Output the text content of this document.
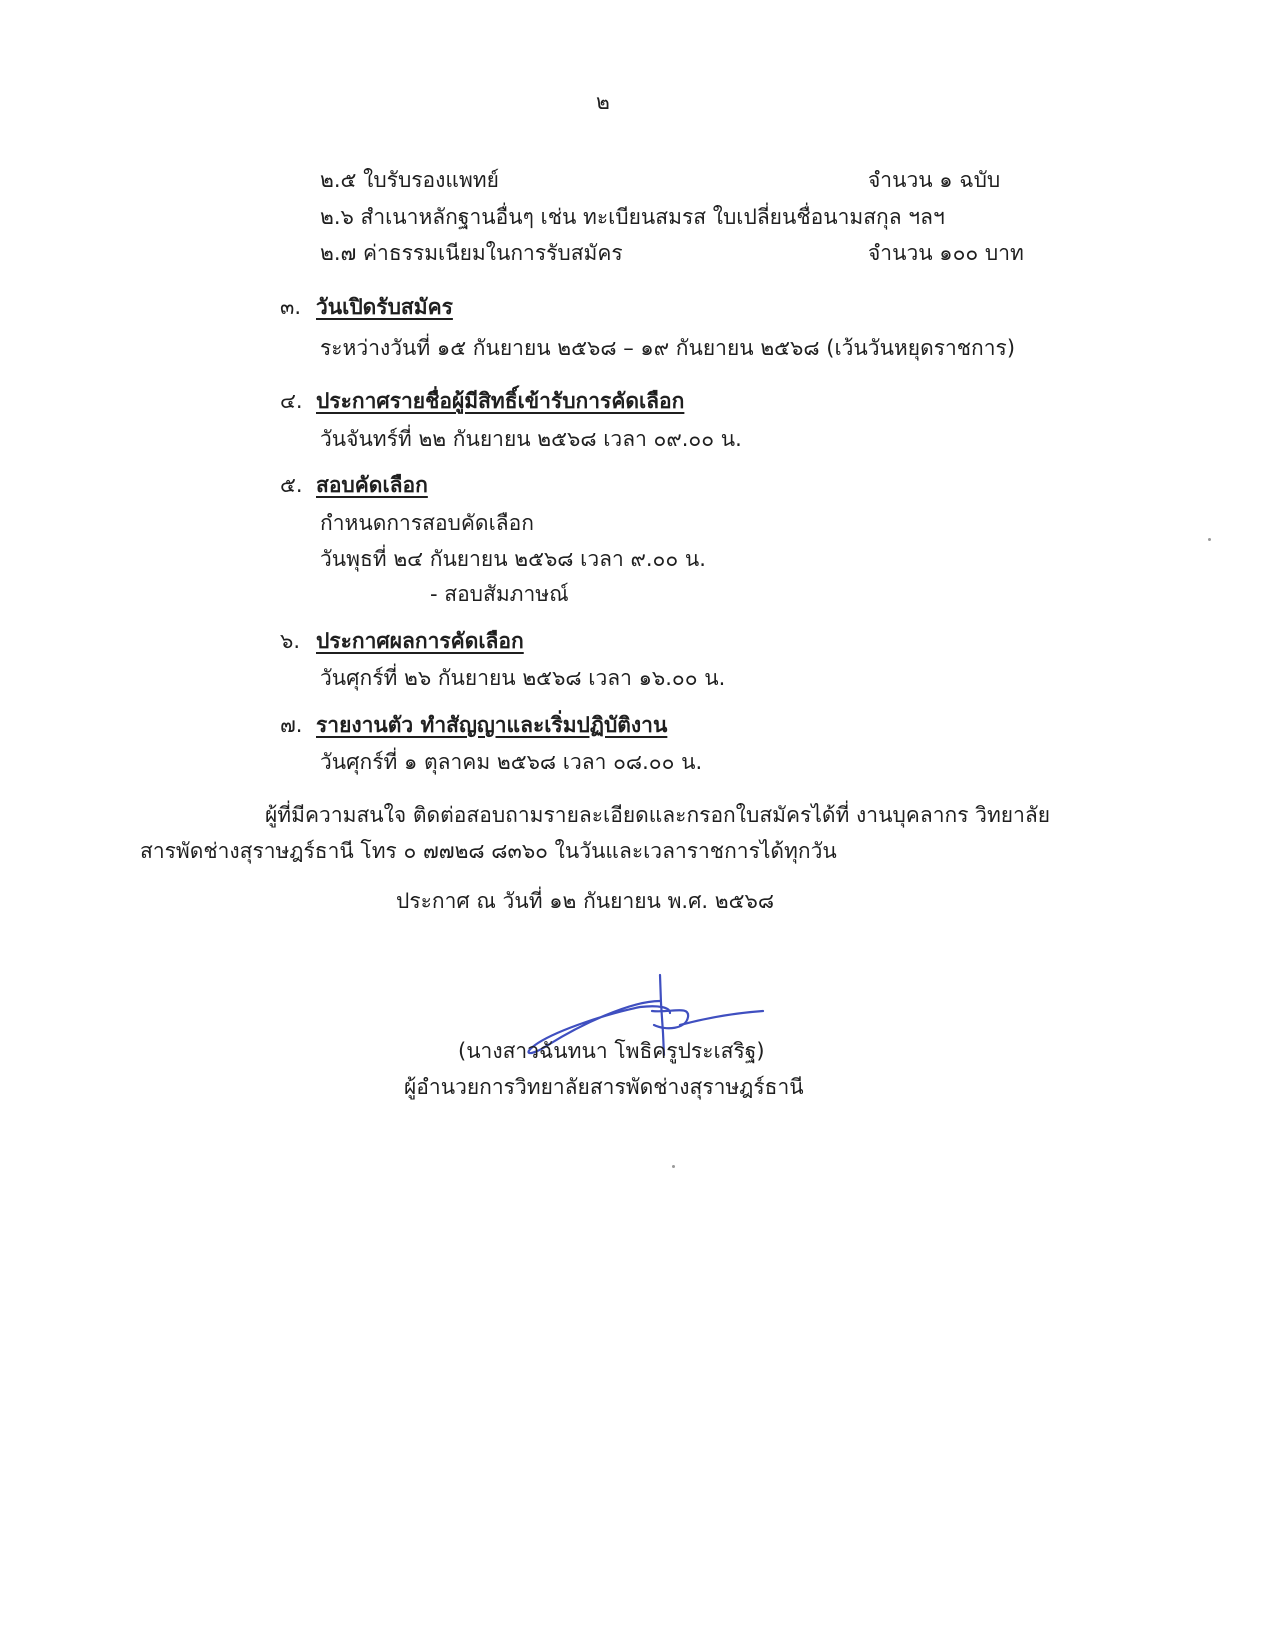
๒
๒.๕ ใบรับรองแพทย์	จำนวน ๑ ฉบับ
๒.๖ สำเนาหลักฐานอื่นๆ เช่น ทะเบียนสมรส ใบเปลี่ยนชื่อนามสกุล ฯลฯ
๒.๗ ค่าธรรมเนียมในการรับสมัคร	จำนวน ๑๐๐ บาท
๓. วันเปิดรับสมัคร
ระหว่างวันที่ ๑๕ กันยายน ๒๕๖๘ – ๑๙ กันยายน ๒๕๖๘ (เว้นวันหยุดราชการ)
๔. ประกาศรายชื่อผู้มีสิทธิ์เข้ารับการคัดเลือก
วันจันทร์ที่ ๒๒ กันยายน ๒๕๖๘ เวลา ๐๙.๐๐ น.
๕. สอบคัดเลือก
กำหนดการสอบคัดเลือก
วันพุธที่ ๒๔ กันยายน ๒๕๖๘ เวลา ๙.๐๐ น.
- สอบสัมภาษณ์
๖. ประกาศผลการคัดเลือก
วันศุกร์ที่ ๒๖ กันยายน ๒๕๖๘ เวลา ๑๖.๐๐ น.
๗. รายงานตัว ทำสัญญาและเริ่มปฏิบัติงาน
วันศุกร์ที่ ๑ ตุลาคม ๒๕๖๘ เวลา ๐๘.๐๐ น.
ผู้ที่มีความสนใจ ติดต่อสอบถามรายละเอียดและกรอกใบสมัครได้ที่ งานบุคลากร วิทยาลัย
สารพัดช่างสุราษฎร์ธานี โทร ๐ ๗๗๒๘ ๘๓๖๐ ในวันและเวลาราชการได้ทุกวัน
ประกาศ ณ วันที่ ๑๒ กันยายน พ.ศ. ๒๕๖๘
(นางสาวฉันทนา โพธิครูประเสริฐ)
ผู้อำนวยการวิทยาลัยสารพัดช่างสุราษฎร์ธานี
